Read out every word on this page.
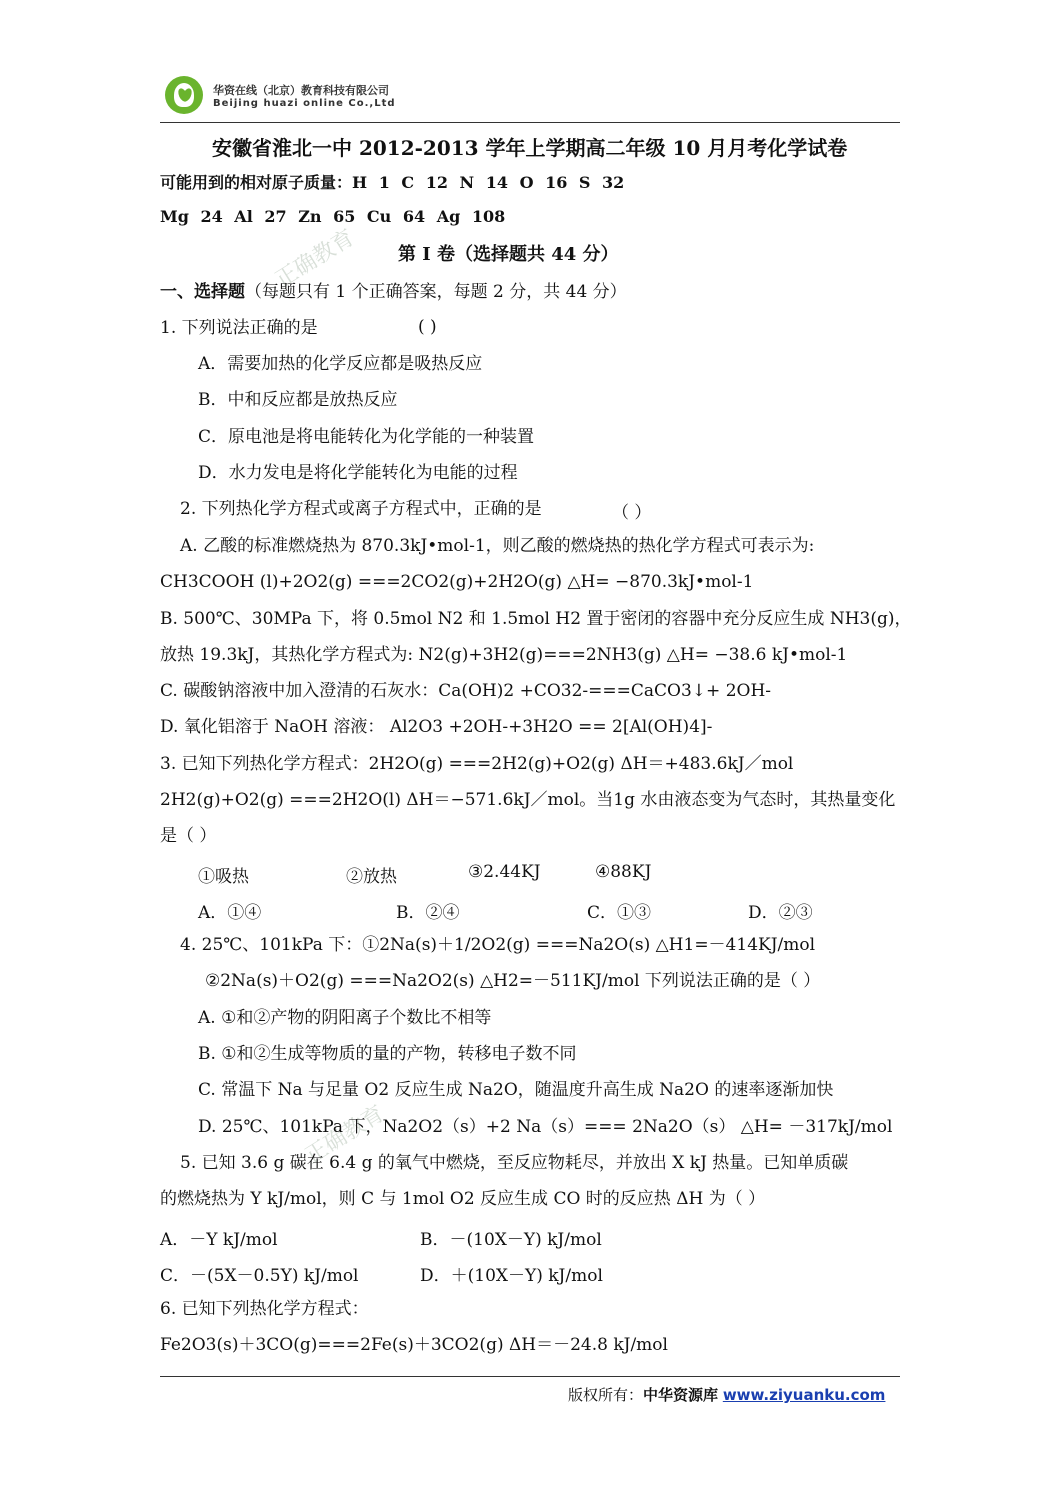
华资在线（北京）教育科技有限公司
Beijing huazi online Co.,Ltd
正确教育
正确教育
安徽省淮北一中 2012-2013 学年上学期高二年级 10 月月考化学试卷
可能用到的相对原子质量：H 1 C 12 N 14 O 16 S 32
Mg 24 Al 27 Zn 65 Cu 64 Ag 108
第 I 卷（选择题共 44 分）
一、选择题（每题只有 1 个正确答案，每题 2 分，共 44 分）
1. 下列说法正确的是	( )
A．需要加热的化学反应都是吸热反应
B．中和反应都是放热反应
C．原电池是将电能转化为化学能的一种装置
D．水力发电是将化学能转化为电能的过程
2. 下列热化学方程式或离子方程式中，正确的是	（ ）
A. 乙酸的标准燃烧热为 870.3kJ•mol-1，则乙酸的燃烧热的热化学方程式可表示为:
CH3COOH (l)+2O2(g) ===2CO2(g)+2H2O(g) △H= −870.3kJ•mol-1
B. 500℃、30MPa 下，将 0.5mol N2 和 1.5mol H2 置于密闭的容器中充分反应生成 NH3(g)，
放热 19.3kJ，其热化学方程式为: N2(g)+3H2(g)===2NH3(g) △H= −38.6 kJ•mol-1
C. 碳酸钠溶液中加入澄清的石灰水：Ca(OH)2 +CO32-===CaCO3↓+ 2OH-
D. 氧化铝溶于 NaOH 溶液： Al2O3 +2OH-+3H2O == 2[Al(OH)4]-
3. 已知下列热化学方程式：2H2O(g) ===2H2(g)+O2(g) ΔH＝+483.6kJ／mol
2H2(g)+O2(g) ===2H2O(l) ΔH＝−571.6kJ／mol。当1g 水由液态变为气态时，其热量变化
是（ ）
①吸热	②放热	③2.44KJ	④88KJ
A．①④	B．②④	C．①③	D．②③
4. 25℃、101kPa 下：①2Na(s)＋1/2O2(g) ===Na2O(s) △H1=－414KJ/mol
②2Na(s)＋O2(g) ===Na2O2(s) △H2=－511KJ/mol 下列说法正确的是（ ）
A. ①和②产物的阴阳离子个数比不相等
B. ①和②生成等物质的量的产物，转移电子数不同
C. 常温下 Na 与足量 O2 反应生成 Na2O，随温度升高生成 Na2O 的速率逐渐加快
D. 25℃、101kPa 下，Na2O2（s）+2 Na（s）=== 2Na2O（s） △H= －317kJ/mol
5. 已知 3.6 g 碳在 6.4 g 的氧气中燃烧，至反应物耗尽，并放出 X kJ 热量。已知单质碳
的燃烧热为 Y kJ/mol，则 C 与 1mol O2 反应生成 CO 时的反应热 ΔH 为（ ）
A．－Y kJ/mol	B．－(10X－Y) kJ/mol
C．－(5X－0.5Y) kJ/mol	D．＋(10X－Y) kJ/mol
6. 已知下列热化学方程式：
Fe2O3(s)＋3CO(g)===2Fe(s)＋3CO2(g) ΔH＝－24.8 kJ/mol
版权所有：中华资源库 www.ziyuanku.com
